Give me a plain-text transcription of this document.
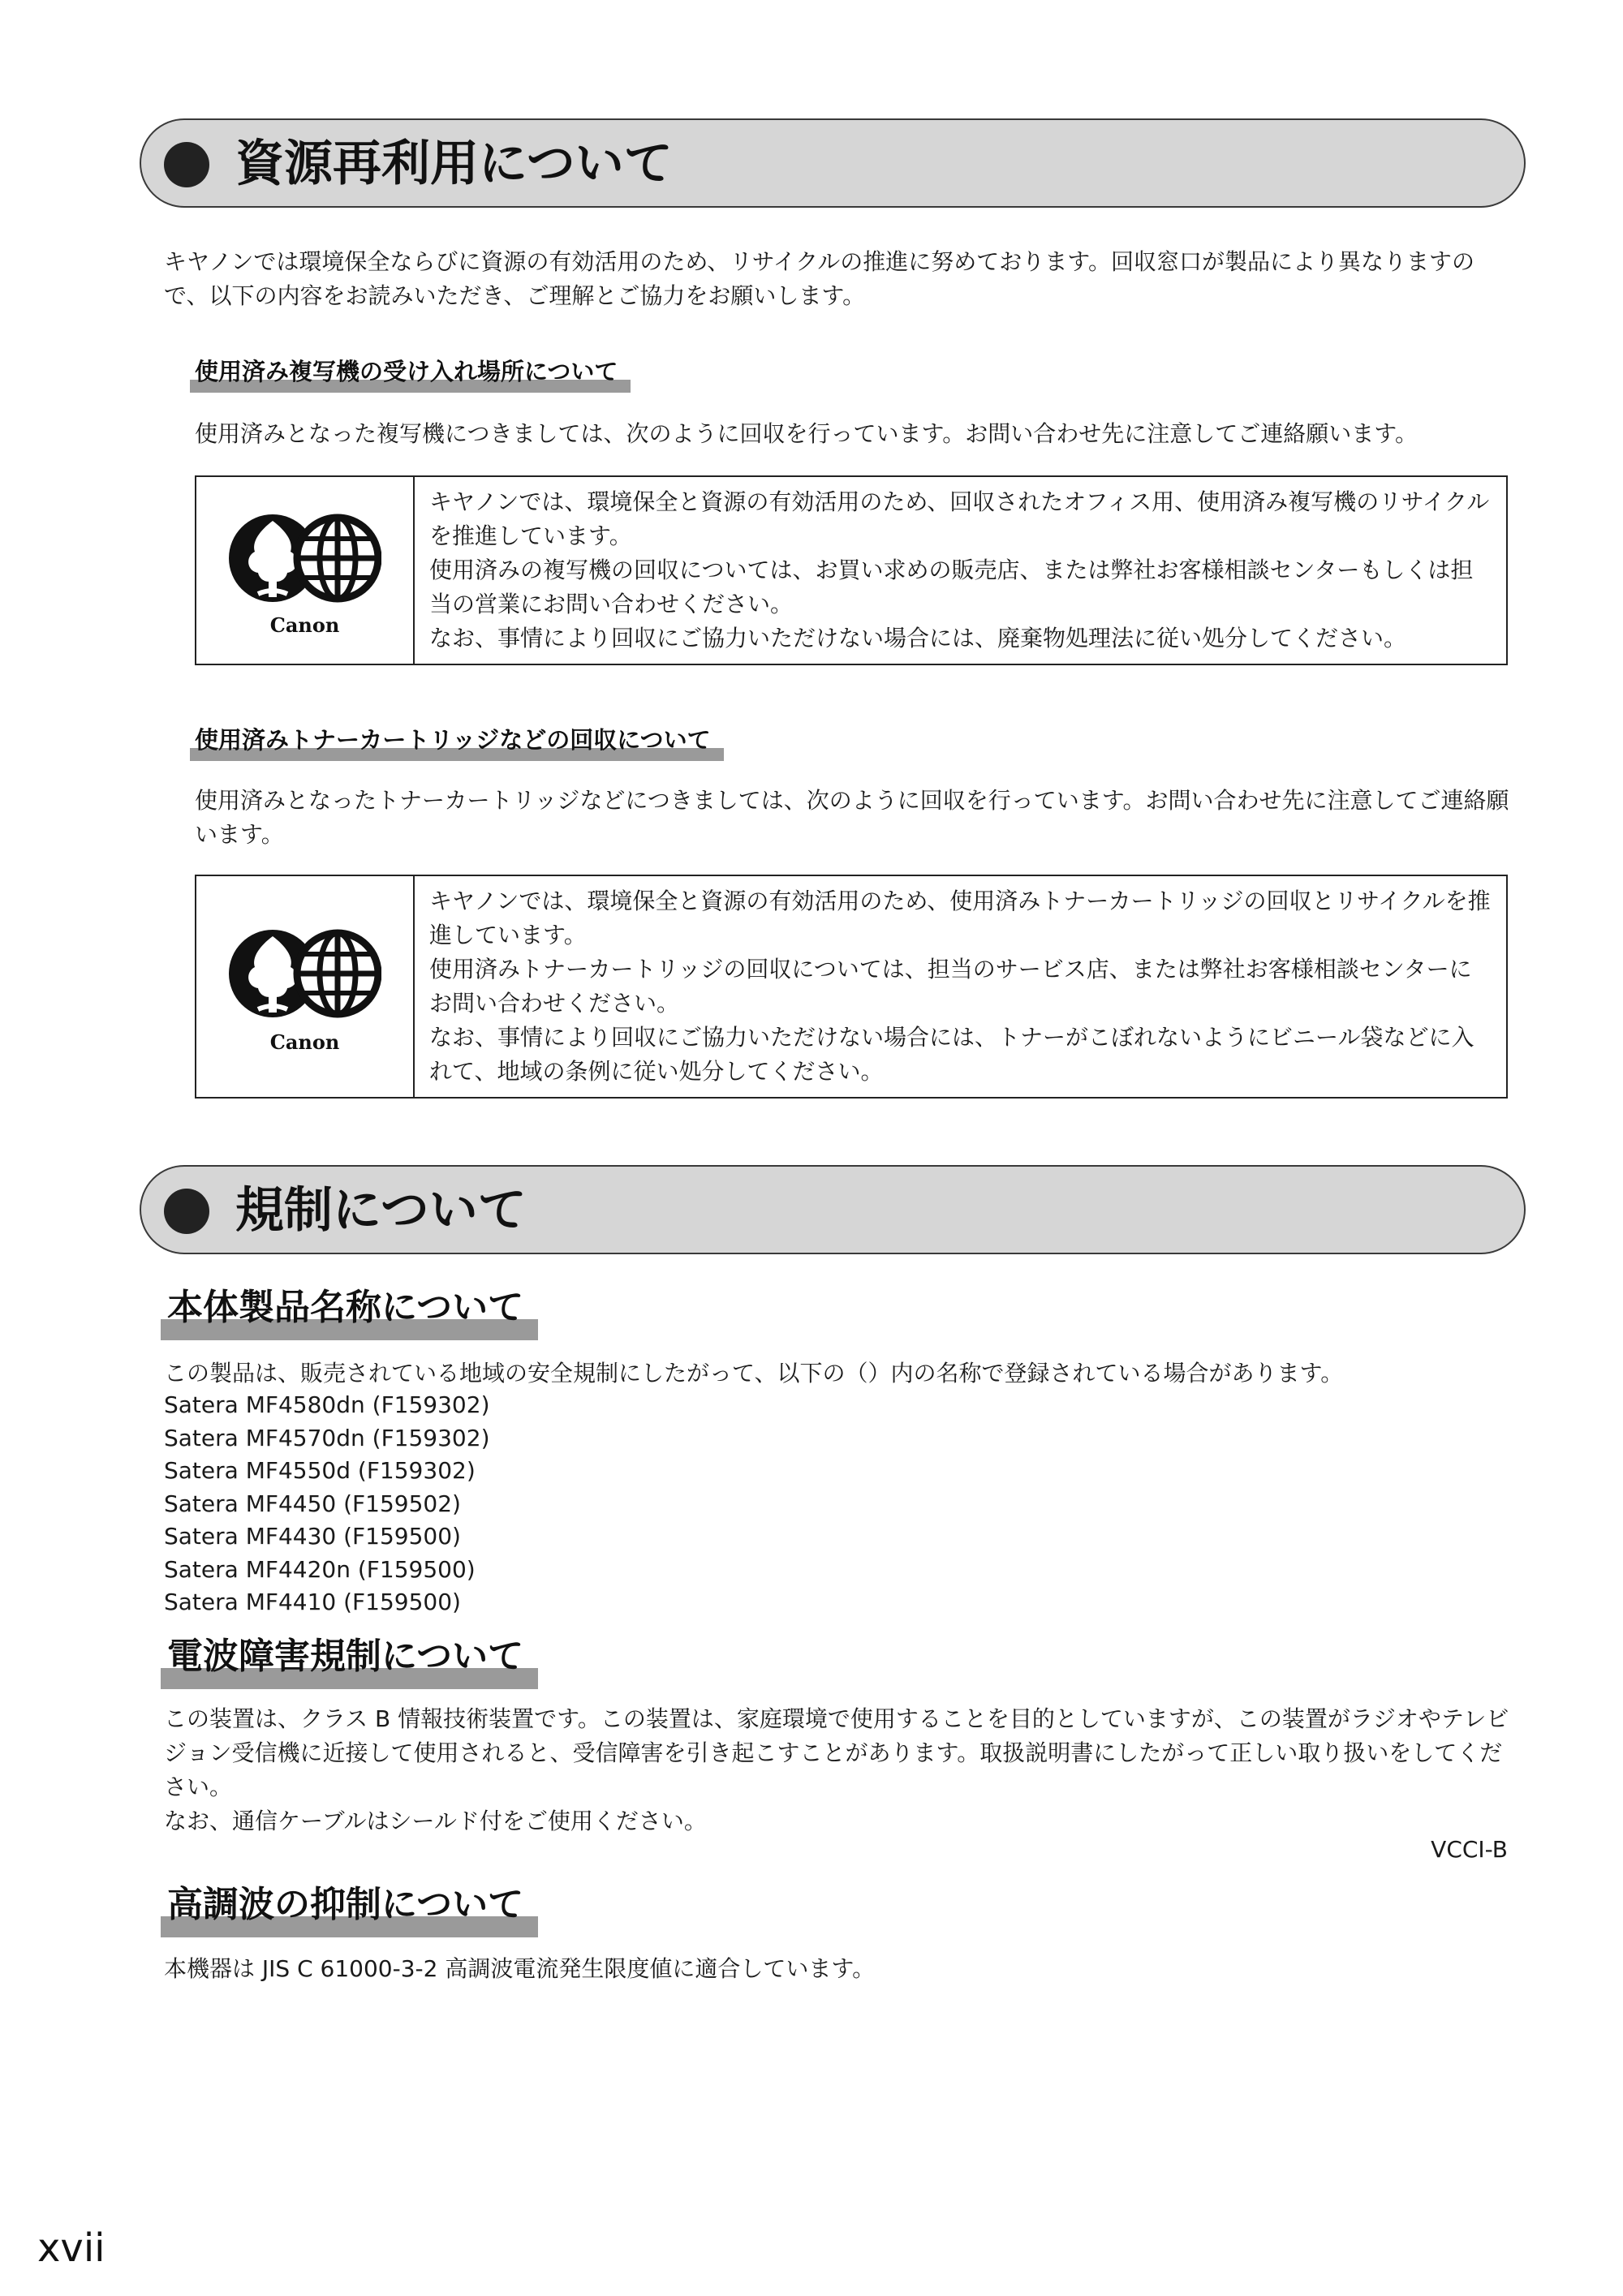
資源再利用について
キヤノンでは環境保全ならびに資源の有効活用のため、リサイクルの推進に努めております。回収窓口が製品により異なりますので、以下の内容をお読みいただき、ご理解とご協力をお願いします。
使用済み複写機の受け入れ場所について
使用済みとなった複写機につきましては、次のように回収を行っています。お問い合わせ先に注意してご連絡願います。
Canon
キヤノンでは、環境保全と資源の有効活用のため、回収されたオフィス用、使用済み複写機のリサイクルを推進しています。
使用済みの複写機の回収については、お買い求めの販売店、または弊社お客様相談センターもしくは担当の営業にお問い合わせください。
なお、事情により回収にご協力いただけない場合には、廃棄物処理法に従い処分してください。
使用済みトナーカートリッジなどの回収について
使用済みとなったトナーカートリッジなどにつきましては、次のように回収を行っています。お問い合わせ先に注意してご連絡願います。
Canon
キヤノンでは、環境保全と資源の有効活用のため、使用済みトナーカートリッジの回収とリサイクルを推進しています。
使用済みトナーカートリッジの回収については、担当のサービス店、または弊社お客様相談センターにお問い合わせください。
なお、事情により回収にご協力いただけない場合には、トナーがこぼれないようにビニール袋などに入れて、地域の条例に従い処分してください。
規制について
本体製品名称について
この製品は、販売されている地域の安全規制にしたがって、以下の（）内の名称で登録されている場合があります。
Satera MF4580dn (F159302)
Satera MF4570dn (F159302)
Satera MF4550d (F159302)
Satera MF4450 (F159502)
Satera MF4430 (F159500)
Satera MF4420n (F159500)
Satera MF4410 (F159500)
電波障害規制について
この装置は、クラス B 情報技術装置です。この装置は、家庭環境で使用することを目的としていますが、この装置がラジオやテレビジョン受信機に近接して使用されると、受信障害を引き起こすことがあります。取扱説明書にしたがって正しい取り扱いをしてください。
なお、通信ケーブルはシールド付をご使用ください。
VCCI-B
高調波の抑制について
本機器は JIS C 61000-3-2 高調波電流発生限度値に適合しています。
xvii
